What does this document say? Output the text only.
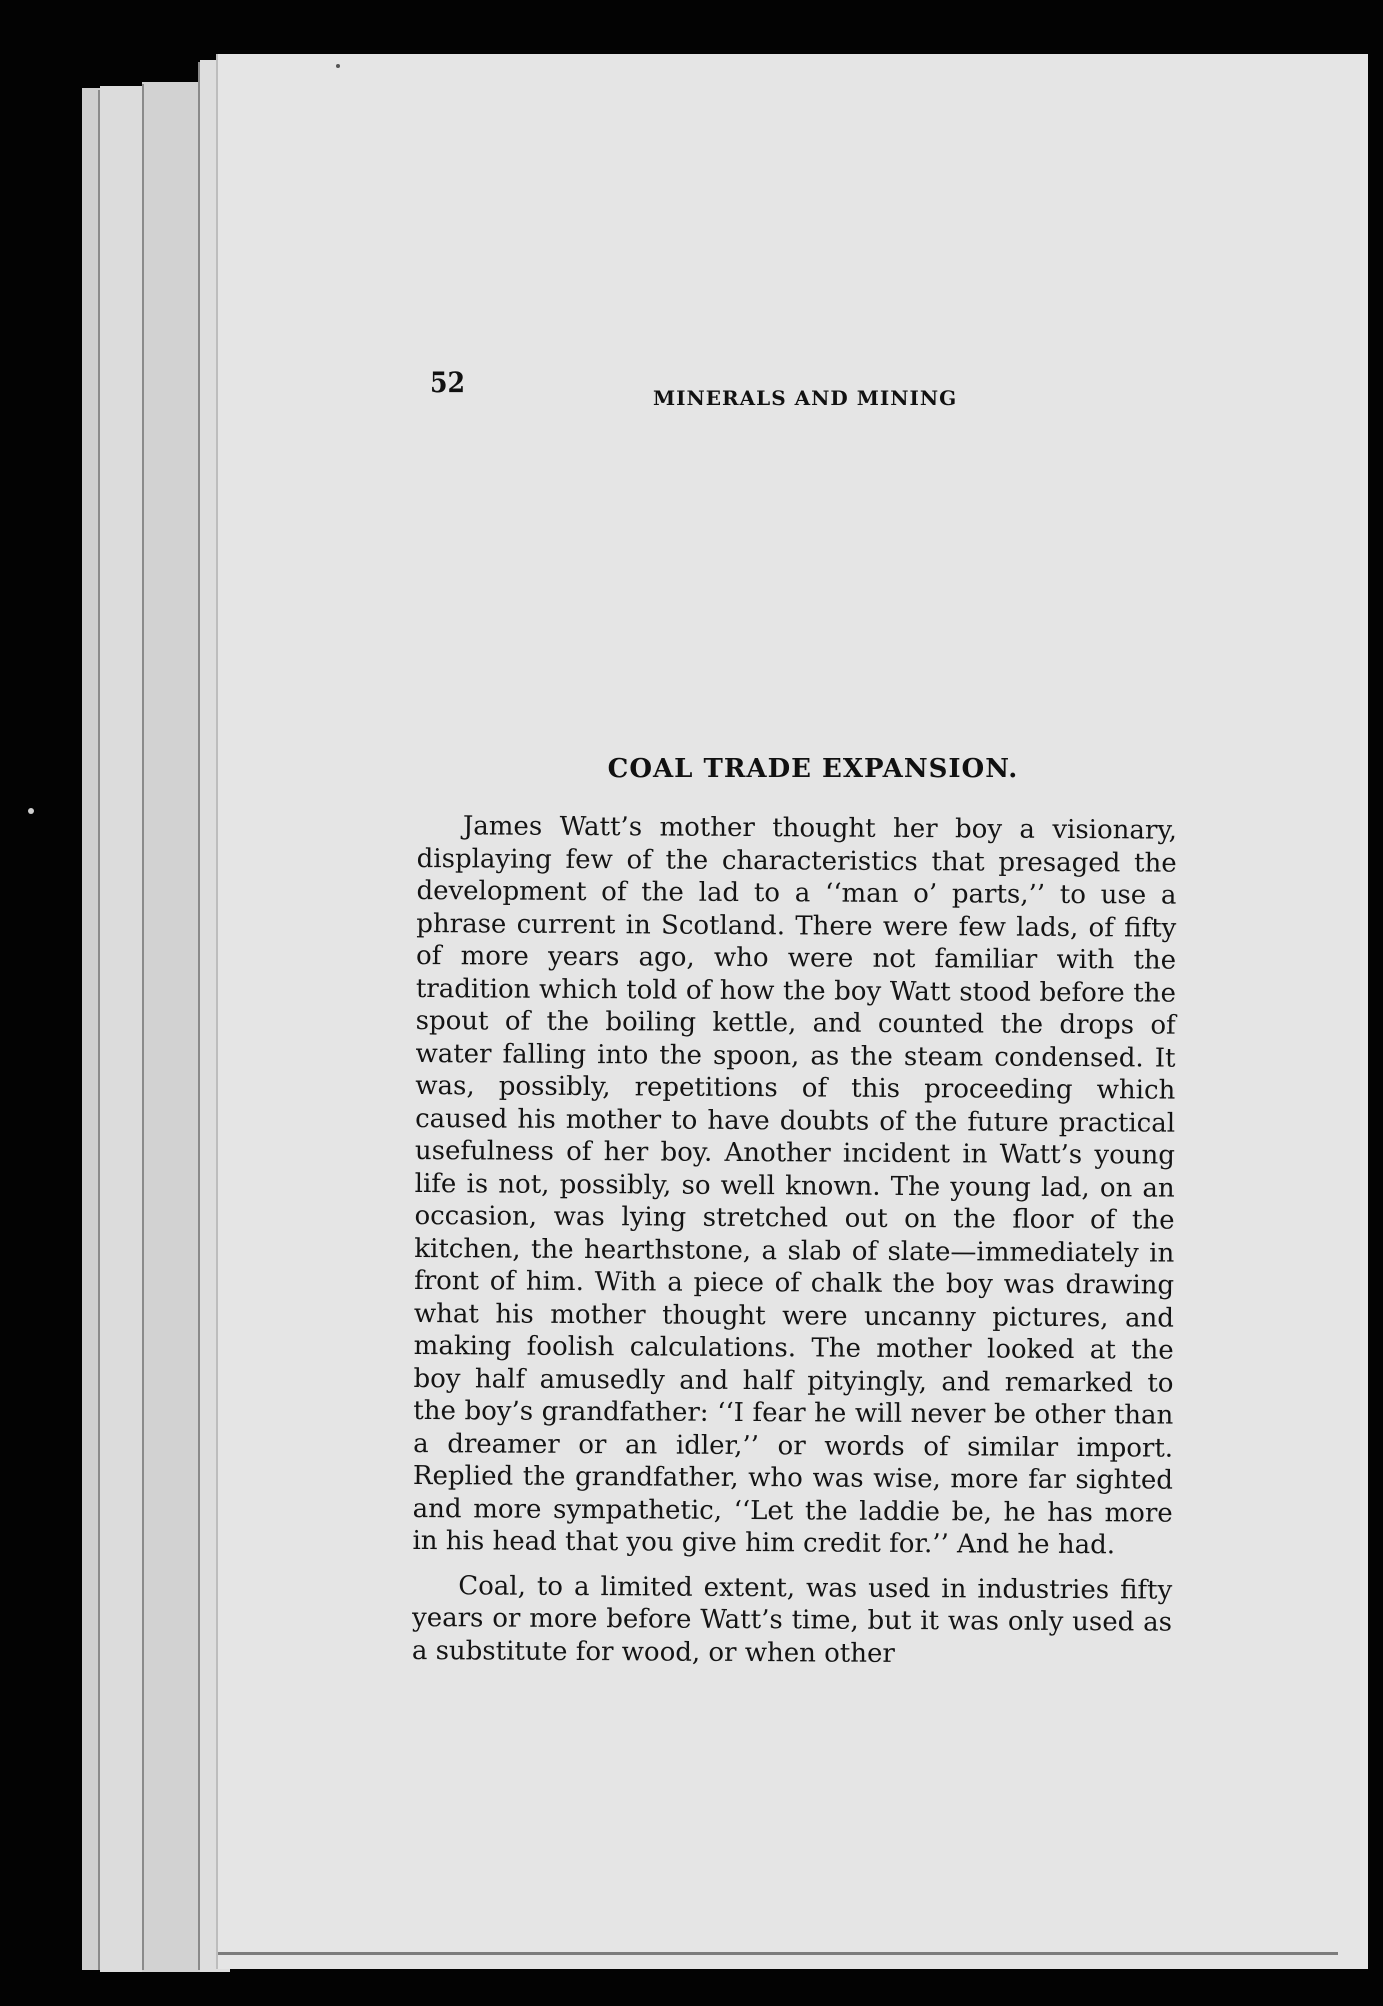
52	MINERALS AND MINING
COAL TRADE EXPANSION.

James Watt’s mother thought her boy a visionary, displaying few of the characteristics that presaged the development of the lad to a ‘‘man o’ parts,’’ to use a phrase current in Scotland. There were few lads, of fifty of more years ago, who were not familiar with the tradition which told of how the boy Watt stood before the spout of the boiling kettle, and counted the drops of water falling into the spoon, as the steam condensed. It was, possibly, repetitions of this proceeding which caused his mother to have doubts of the future practical usefulness of her boy. Another incident in Watt’s young life is not, possibly, so well known. The young lad, on an occasion, was lying stretched out on the floor of the kitchen, the hearthstone, a slab of slate—immediately in front of him. With a piece of chalk the boy was drawing what his mother thought were uncanny pictures, and making foolish calculations. The mother looked at the boy half amusedly and half pityingly, and remarked to the boy’s grandfather: ‘‘I fear he will never be other than a dreamer or an idler,’’ or words of similar import. Replied the grandfather, who was wise, more far sighted and more sympathetic, ‘‘Let the laddie be, he has more in his head that you give him credit for.’’ And he had.

Coal, to a limited extent, was used in industries fifty years or more before Watt’s time, but it was only used as a substitute for wood, or when other
